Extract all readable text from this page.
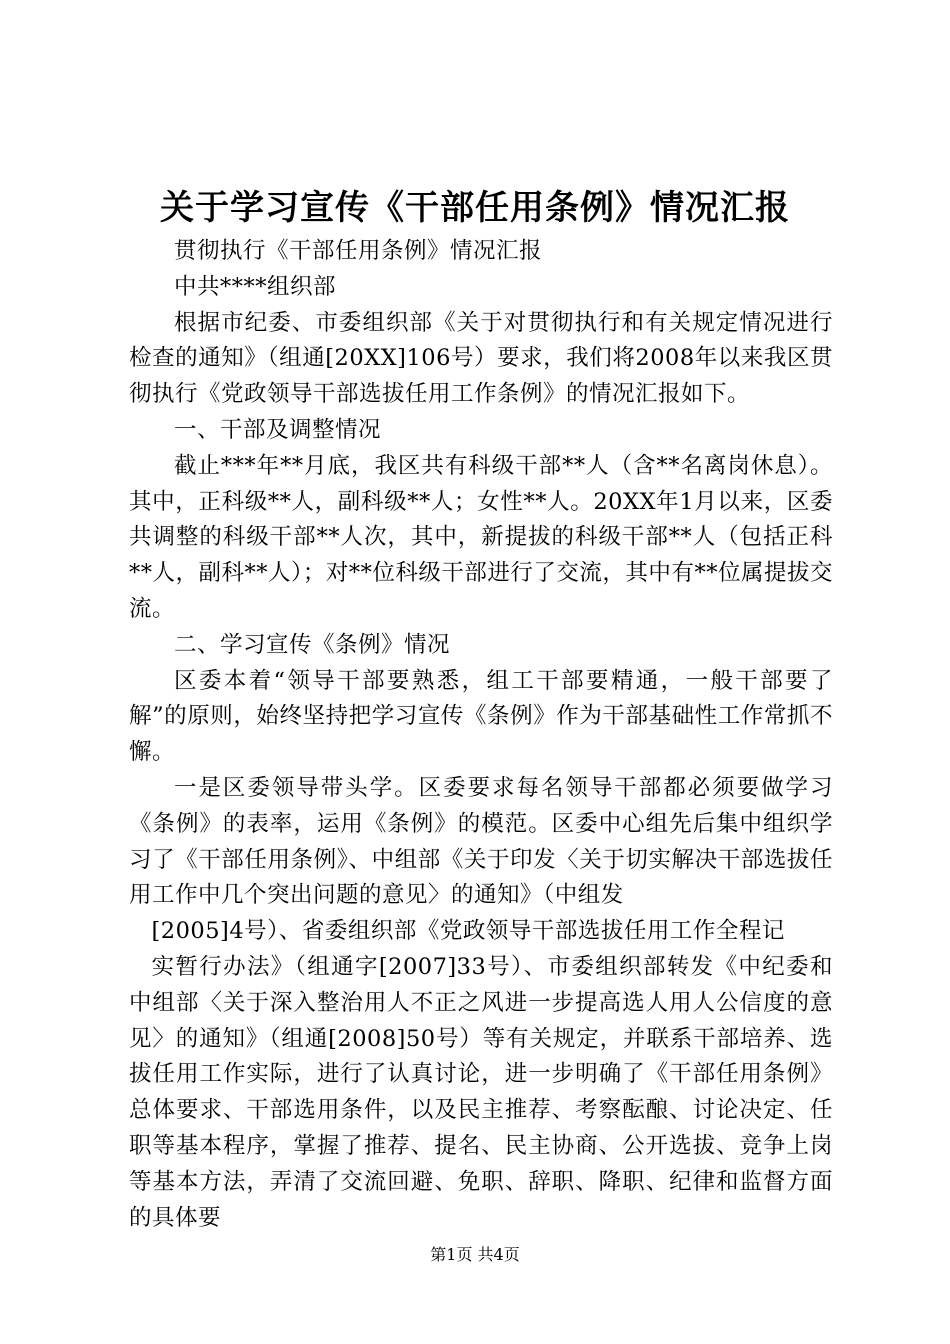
关于学习宣传《干部任用条例》情况汇报

贯彻执行《干部任用条例》情况汇报

中共****组织部

根据市纪委、市委组织部《关于对贯彻执行和有关规定情况进行检查的通知》（组通[20XX]106号）要求，我们将2008年以来我区贯彻执行《党政领导干部选拔任用工作条例》的情况汇报如下。

一、干部及调整情况

截止***年**月底，我区共有科级干部**人（含**名离岗休息）。其中，正科级**人，副科级**人；女性**人。20XX年1月以来，区委共调整的科级干部**人次，其中，新提拔的科级干部**人（包括正科**人，副科**人）；对**位科级干部进行了交流，其中有**位属提拔交流。

二、学习宣传《条例》情况

区委本着“领导干部要熟悉，组工干部要精通，一般干部要了解”的原则，始终坚持把学习宣传《条例》作为干部基础性工作常抓不懈。

一是区委领导带头学。区委要求每名领导干部都必须要做学习《条例》的表率，运用《条例》的模范。区委中心组先后集中组织学习了《干部任用条例》、中组部《关于印发〈关于切实解决干部选拔任用工作中几个突出问题的意见〉的通知》（中组发

[2005]4号）、省委组织部《党政领导干部选拔任用工作全程记

实暂行办法》（组通字[2007]33号）、市委组织部转发《中纪委和中组部〈关于深入整治用人不正之风进一步提高选人用人公信度的意见〉的通知》（组通[2008]50号）等有关规定，并联系干部培养、选拔任用工作实际，进行了认真讨论，进一步明确了《干部任用条例》总体要求、干部选用条件，以及民主推荐、考察酝酿、讨论决定、任职等基本程序，掌握了推荐、提名、民主协商、公开选拔、竞争上岗等基本方法，弄清了交流回避、免职、辞职、降职、纪律和监督方面的具体要

第1页 共4页
